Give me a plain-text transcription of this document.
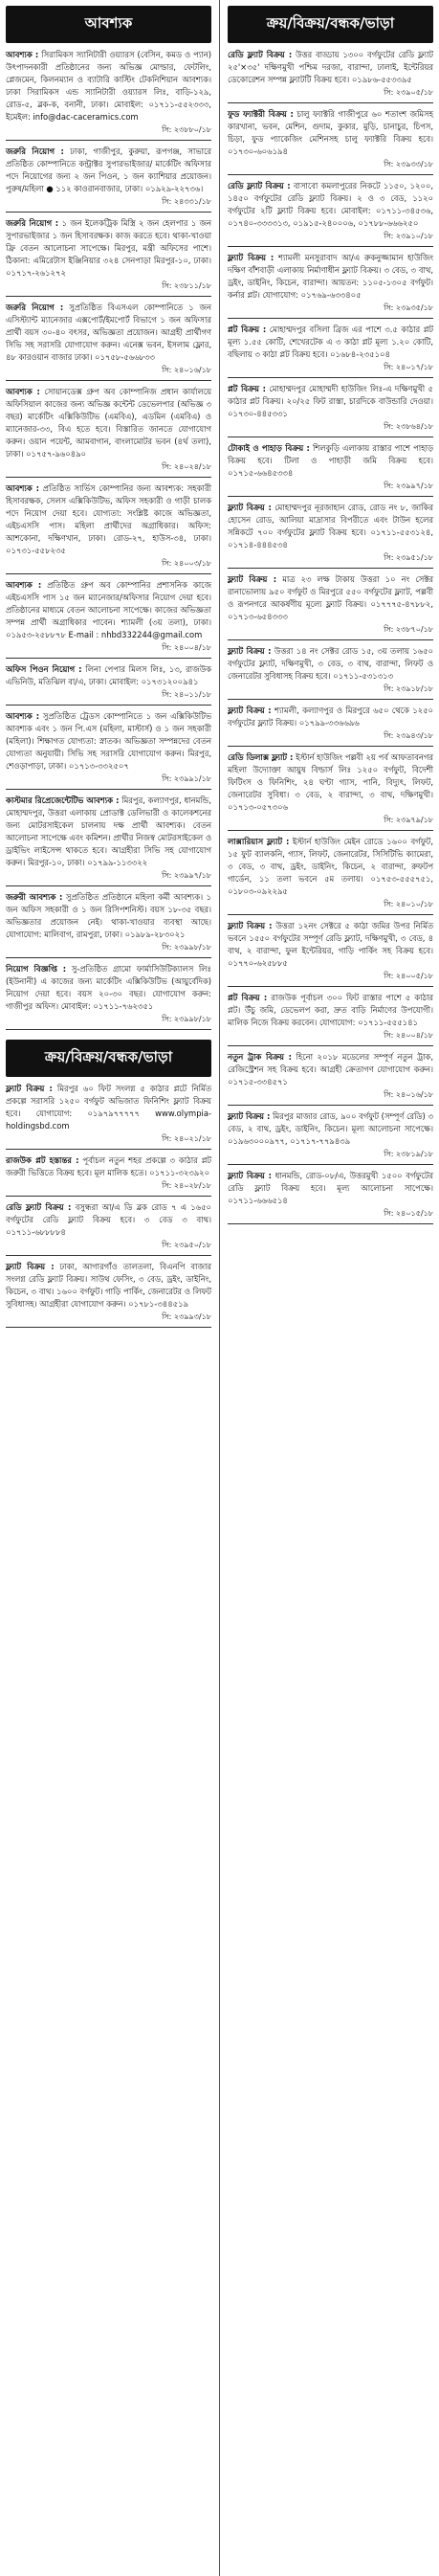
আবশ্যক
আবশ্যক : সিরামিকস স্যানিটারী ওয়্যারস (বেসিন, কমড ও প্যান) উৎপাদনকারী প্রতিষ্ঠানের জন্য অভিজ্ঞ মোল্ডার, ফেটলিং, প্লেজমেন, কিলনম্যান ও ব্যাটারি কাস্টিং টেকনিশিয়ান আবশ্যক। ঢাকা সিরামিকস এন্ড স্যানিটারী ওয়্যারস লিঃ, বাড়ি-১২৯, রোড-৫, ব্লক-ক, বনানী, ঢাকা। মোবাইল: ০১৭১১-৫৫২৩৩৩, ইমেইল: info@dac-caceramics.com
সি: ২৩৮৮০/১৮
জরুরি নিয়োগ : ঢাকা, গাজীপুর, কুরুয়া, রূপগঞ্জ, সাভারে প্রতিষ্ঠিত কোম্পানিতে কন্ট্রাক্টর সুপারভাইজার/ মার্কেটিং অফিসার পদে নিয়োগের জন্য ২ জন পিওন, ১ জন ক্যাশিয়ার প্রয়োজন। পুরুষ/মহিলা ● ১১২ কাওরানবাজার, ঢাকা। ০১৯২৯-২২৭৩৬।
সি: ২৪৩৩১/১৮
জরুরি নিয়োগ : ১ জন ইলেকট্রিক মিস্ত্রি ২ জন হেলপার ১ জন সুপারভাইজার ১ জন হিসাবরক্ষক। কাজ করতে হবে। থাকা-খাওয়া ফ্রি বেতন আলোচনা সাপেক্ষে। মিরপুর, মন্ত্রী অফিসের পাশে। ঠিকানা: এমিরেটাস ইঞ্জিনিয়ার ৩২৪ সেনপাড়া মিরপুর-১০, ঢাকা। ০১৭১৭-২৬১২৭২
সি: ২৩৮১১/১৮
জরুরি নিয়োগ : সুপ্রতিষ্ঠিত বিএসএল কোম্পানিতে ১ জন এসিস্ট্যান্ট ম্যানেজার এক্সপোর্ট/ইমপোর্ট বিভাগে ১ জন অফিসার প্রার্থী বয়স ৩০-৪০ বৎসর, অভিজ্ঞতা প্রয়োজন। আগ্রহী প্রার্থীগণ সিভি সহ সরাসরি যোগাযোগ করুন। এনেক্স ভবন, ইসলাম ফ্লোর, ৪৮ কারওয়ান বাজার ঢাকা। ০১৭৫৮-৫৬৬৮৩৩
সি: ২৪০১৬/১৮
আবশ্যক : সোয়ানডেক্স গ্রুপ অব কোম্পানিজ প্রধান কার্যালয়ে অফিসিয়াল কাজের জন্য অভিজ্ঞ কন্টেন্ট ডেভেলপার (অভিজ্ঞ ৩ বছর) মার্কেটিং এক্সিকিউটিভ (এমবিএ), এডমিন (এমবিএ) ও ম্যানেজার-৩৩, বিএ হতে হবে। বিস্তারিত জানতে যোগাযোগ করুন। ওয়ান পয়েন্ট, আমবাগান, বাংলামোটর ভবন (৪র্থ তলা), ঢাকা। ০১৭৫৭-৯৬০৪৯০
সি: ২৪০২৪/১৮
আবশ্যক : প্রতিষ্ঠিত সার্ভিস কোম্পানির জন্য আবশ্যক: সহকারী হিসাবরক্ষক, সেলস এক্সিকিউটিভ, অফিস সহকারী ও গাড়ী চালক পদে নিয়োগ দেয়া হবে। যোগ্যতা: সংশ্লিষ্ট কাজে অভিজ্ঞতা, এইচএসসি পাস। মহিলা প্রার্থীদের অগ্রাধিকার। অফিস: আশকোনা, দক্ষিণখান, ঢাকা। রোড-২৭, হাউস-৩৪, ঢাকা। ০১৭৩১-৫৫৮২৩৫
সি: ২৪০০৩/১৮
আবশ্যক : প্রতিষ্ঠিত গ্রুপ অব কোম্পানির প্রশাসনিক কাজে এইচএসসি পাস ১৫ জন ম্যানেজার/অফিসার নিয়োগ দেয়া হবে। প্রতিষ্ঠানের মাধ্যমে বেতন আলোচনা সাপেক্ষে। কাজের অভিজ্ঞতা সম্পন্ন প্রার্থী অগ্রাধিকার পাবেন। শ্যামলী (৩য় তলা), ঢাকা। ০১৯৫৩-২৫৮৮৭৮ E-mail : nhbd332244@gmail.com
সি: ২৪০০৪/১৮
অফিস পিওন নিয়োগ : লিনা পেপার মিলস লিঃ, ১৩, রাজউক এভিনিউ, মতিঝিল বা/এ, ঢাকা। মোবাইল: ০১৭৩১২০০৯৪১
সি: ২৪০১১/১৮
আবশ্যক : সুপ্রতিষ্ঠিত ট্রেডস কোম্পানিতে ১ জন এক্সিকিউটিভ আবশ্যক এবং ১ জন পি.এস (মহিলা, মাস্টার্স) ও ১ জন সহকারী (মহিলা)। শিক্ষাগত যোগ্যতা: স্নাতক। অভিজ্ঞতা সম্পন্নদের বেতন যোগ্যতা অনুযায়ী। সিভি সহ সরাসরি যোগাযোগ করুন। মিরপুর, শেওড়াপাড়া, ঢাকা। ০১৭১৩-৩৩২৫০৭
সি: ২৩৯৯১/১৮
কাস্টমার রিপ্রেজেন্টেটিভ আবশ্যক : মিরপুর, কল্যাণপুর, ধানমন্ডি, মোহাম্মদপুর, উত্তরা এলাকায় প্রোডাক্ট ডেলিভারী ও কালেকশনের জন্য মোটরসাইকেল চালনায় দক্ষ প্রার্থী আবশ্যক। বেতন আলোচনা সাপেক্ষে এবং কমিশন। প্রার্থীর নিজস্ব মোটরসাইকেল ও ড্রাইভিং লাইসেন্স থাকতে হবে। আগ্রহীরা সিভি সহ যোগাযোগ করুন। মিরপুর-১০, ঢাকা। ০১৭৯৯-১১৩৩২২
সি: ২৩৯৯৭/১৮
জরুরী আবশ্যক : সুপ্রতিষ্ঠিত প্রতিষ্ঠানে মহিলা কর্মী আবশ্যক। ১ জন অফিস সহকারী ও ১ জন রিসিপশনিস্ট। বয়স ১৮-৩৫ বছর। অভিজ্ঞতার প্রয়োজন নেই। থাকা-খাওয়ার ব্যবস্থা আছে। যোগাযোগ: মালিবাগ, রামপুরা, ঢাকা। ০১৯৮৯-২৮৩০২১
সি: ২৩৯৯৮/১৮
নিয়োগ বিজ্ঞপ্তি : সু-প্রতিষ্ঠিত গ্রামো ফার্মাসিউটিক্যালস লিঃ (ইউনানী) এ কাজের জন্য মার্কেটিং এক্সিকিউটিভ (আয়ুর্বেদিক) নিয়োগ দেয়া হবে। বয়স ২০-৩০ বছর। যোগাযোগ করুন: গাজীপুর অফিস। মোবাইল: ০১৭১১-৭৬২৩৫১
সি: ২৩৯৯৮/১৮
ক্রয়/বিক্রয়/বন্ধক/ভাড়া
ফ্ল্যাট বিক্রয় : মিরপুর ৬০ ফিট সংলগ্ন ৫ কাঠার প্লটে নির্মিত প্রকল্পে সরাসরি ১২৫০ বর্গফুট অভিজাত ফিনিশিং ফ্ল্যাট বিক্রয় হবে। যোগাযোগ: ০১৯৭৯৭৭৭৭৭ www.olympia-holdingsbd.com
সি: ২৪০২১/১৮
রাজউক প্লট হস্তান্তর : পূর্বাচল নতুন শহর প্রকল্পে ৩ কাঠার প্লট জরুরী ভিত্তিতে বিক্রয় হবে। মূল মালিক হতে। ০১৭১১-৩২৩৯২০
সি: ২৪০২৮/১৮
রেডি ফ্ল্যাট বিক্রয় : বসুন্ধরা আ/এ ডি ব্লক রোড ৭ এ ১৬৫০ বর্গফুটের রেডি ফ্ল্যাট বিক্রয় হবে। ৩ বেড ৩ বাথ। ০১৭১১-৬৮৮৮৮৪
সি: ২৩৯৫০/১৮
ফ্ল্যাট বিক্রয় : ঢাকা, আগারগাঁও তালতলা, বিএনপি বাজার সংলগ্ন রেডি ফ্ল্যাট বিক্রয়। সাউথ ফেসিং, ৩ বেড, ড্রইং, ডাইনিং, কিচেন, ৩ বাথ। ১৬০০ বর্গফুট। গাড়ি পার্কিং, জেনারেটর ও লিফট সুবিধাসহ। আগ্রহীরা যোগাযোগ করুন। ০১৭৮১-৩৪৪৫১৯
সি: ২৩৯৯৩/১৮
ক্রয়/বিক্রয়/বন্ধক/ভাড়া
রেডি ফ্ল্যাট বিক্রয় : উত্তর বাড্ডায় ১৩০০ বর্গফুটের রেডি ফ্ল্যাট ২৫'×৩৫' দক্ষিণমুখী পশ্চিম দরজা, বারান্দা, ঢালাই, ইন্টেরিয়র ডেকোরেশন সম্পন্ন ফ্ল্যাটটি বিক্রয় হবে। ০১৯৮৬-৫৫৩৩৯৫
সি: ২৩৯০৫/১৮
ফুড ফ্যাক্টরী বিক্রয় : চালু ফ্যাক্টরি গাজীপুরে ৬০ শতাংশ জমিসহ কারখানা, ভবন, মেশিন, গুদাম, কুকার, মুড়ি, চানাচুর, চিপস, চিড়া, ফুড প্যাকেজিং মেশিনসহ চালু ফ্যাক্টরি বিক্রয় হবে। ০১৭৩০-৬০৬১৯৪
সি: ২৩৯৩৩/১৮
রেডি ফ্ল্যাট বিক্রয় : বাসাবো কমলাপুরের নিকটে ১১৫০, ১২০০, ১৪৫০ বর্গফুটের রেডি ফ্ল্যাট বিক্রয়। ২ ও ৩ বেড, ১১২০ বর্গফুটের ২টি ফ্ল্যাট বিক্রয় হবে। মোবাইল: ০১৭১১-৩৪৫৩৬, ০১৭৪০-৩৩৩৩১৩, ০১৯১৫-২৪০০০৬, ০১৭৮৮-৬৬৬২৫০
সি: ২৩৯১০/১৮
ফ্ল্যাট বিক্রয় : শ্যামলী মনসুরাবাদ আ/এ রুকনুজ্জামান হাউজিং দক্ষিণ বাঁশবাড়ী এলাকায় নির্মাণাধীন ফ্ল্যাট বিক্রয়। ৩ বেড, ৩ বাথ, ড্রইং, ডাইনিং, কিচেন, বারান্দা। আয়তন: ১১০৫-১৩০৫ বর্গফুট। কর্নার প্লট। যোগাযোগ: ০১৭৬৯-৬৩৩৪০৫
সি: ২৩৯৩৫/১৮
প্লট বিক্রয় : মোহাম্মদপুর বসিলা ব্রিজ এর পাশে ৩.৫ কাঠার প্লট মূল্য ১.৫৫ কোটি, শেখেরটেক এ ৩ কাঠা প্লট মূল্য ১.২০ কোটি, বছিলায় ৩ কাঠা প্লট বিক্রয় হবে। ০১৬৮৪-২৩৫১০৪
সি: ২৪০১৭/১৮
প্লট বিক্রয় : মোহাম্মদপুর মোহাম্মদী হাউজিং লিঃ-এ দক্ষিণমুখী ৫ কাঠার প্লট বিক্রয়। ২০/২৫ ফিট রাস্তা, চারদিকে বাউন্ডারি দেওয়া। ০১৭৩০-৪৪৫৩৩১
সি: ২৩৮৬৪/১৮
টোকাই ও পাহাড় বিক্রয় : শিলকুড়ি এলাকায় রাস্তার পাশে পাহাড় বিক্রয় হবে। টিলা ও পাহাড়ী জমি বিক্রয় হবে। ০১৭১৫-৬৬৪৫৩৩৪
সি: ২৩৯৯৭/১৮
ফ্ল্যাট বিক্রয় : মোহাম্মদপুর নূরজাহান রোড, রোড নং ৮, জাকির হোসেন রোড, আলিয়া মাদ্রাসার বিপরীতে এবং টাউন হলের সন্নিকটে ৭০০ বর্গফুটের ফ্ল্যাট বিক্রয় হবে। ০১৭১১-৫৫৩১২৪, ০১৭১৪-৪৪৪৫৩৪
সি: ২৩৯৫১/১৮
ফ্ল্যাট বিক্রয় : মাত্র ২৩ লক্ষ টাকায় উত্তরা ১০ নং সেক্টর রানাভোলায় ৯৫০ বর্গফুট ও মিরপুরে ৫৫০ বর্গফুটের ফ্ল্যাট, পল্লবী ও রূপনগরে আকর্ষণীয় মূল্যে ফ্ল্যাট বিক্রয়। ০১৭৭৭৫-৪৭৮৮২, ০১৭১৩-৬৫৪৩৩৩
সি: ২৩৮৭০/১৮
ফ্ল্যাট বিক্রয় : উত্তরা ১৪ নং সেক্টর রোড ১৫, ৩য় তলায় ১৬৫০ বর্গফুটের ফ্ল্যাট, দক্ষিণমুখী, ৩ বেড, ৩ বাথ, বারান্দা, লিফট ও জেনারেটর সুবিধাসহ বিক্রয় হবে। ০১৭১১-৫৩১৩১৩
সি: ২৩৯১৮/১৮
ফ্ল্যাট বিক্রয় : শ্যামলী, কল্যাণপুর ও মিরপুরে ৬৫০ থেকে ১২৫০ বর্গফুটের ফ্ল্যাট বিক্রয়। ০১৭৯৯-৩৩৬৬৯৬
সি: ২৩৯৪৩/১৮
রেডি ডিলাক্স ফ্ল্যাট : ইস্টার্ন হাউজিং পল্লবী ২য় পর্ব আফতাবনগর মহিলা উদ্যোক্তা আয়ুষ বিল্ডার্স লিঃ ১২৫০ বর্গফুট, বিদেশী ফিটিংস ও ফিনিশিং, ২৪ ঘণ্টা গ্যাস, পানি, বিদ্যুৎ, লিফট, জেনারেটর সুবিধা। ৩ বেড, ২ বারান্দা, ৩ বাথ, দক্ষিণমুখী। ০১৭১৩-০৫৭৩০৬
সি: ২৩৯৭৯/১৮
লাক্সারিয়াস ফ্ল্যাট : ইস্টার্ন হাউজিং মেইন রোডে ১৬০০ বর্গফুট, ১৫ ফুট ব্যালকনি, গ্যাস, লিফট, জেনারেটর, সিসিটিভি ক্যামেরা, ৩ বেড, ৩ বাথ, ড্রইং, ডাইনিং, কিচেন, ২ বারান্দা, রুফটপ গার্ডেন, ১১ তলা ভবনে ৫ম তলায়। ০১৭৫৩-৫৫৫৭৫১, ০১৮০৩-০৯২২৯৫
সি: ২৪০১০/১৮
ফ্ল্যাট বিক্রয় : উত্তরা ১২নং সেক্টরে ৫ কাঠা জমির উপর নির্মিত ভবনে ১৫৫০ বর্গফুটের সম্পূর্ণ রেডি ফ্ল্যাট, দক্ষিণমুখী, ৩ বেড, ৪ বাথ, ২ বারান্দা, ফুল ইন্টেরিয়র, গাড়ি পার্কিং সহ বিক্রয় হবে। ০১৭৭০-৬২৫৮৮৫
সি: ২৪০০৫/১৮
প্লট বিক্রয় : রাজউক পূর্বাচল ৩০০ ফিট রাস্তার পাশে ৫ কাঠার প্লট। উঁচু জমি, ডেভেলপ করা, দ্রুত বাড়ি নির্মাণের উপযোগী। মালিক নিজে বিক্রয় করবেন। যোগাযোগ: ০১৭১১-৫৫৫১৪১
সি: ২৪০০৪/১৮
নতুন ট্রাক বিক্রয় : হিনো ২০১৮ মডেলের সম্পূর্ণ নতুন ট্রাক, রেজিস্ট্রেশন সহ বিক্রয় হবে। আগ্রহী ক্রেতাগণ যোগাযোগ করুন। ০১৭১৫-৩৩৪৫৭১
সি: ২৪০১৬/১৮
ফ্ল্যাট বিক্রয় : মিরপুর মাজার রোড, ৯০০ বর্গফুট (সম্পূর্ণ রেডি) ৩ বেড, ২ বাথ, ড্রইং, ডাইনিং, কিচেন। মূল্য আলোচনা সাপেক্ষে। ০১৯৬৩০০০৯৭৭, ০১৭১৭-৭৭৯৪৩৯
সি: ২৩৮১৯/১৮
ফ্ল্যাট বিক্রয় : ধানমন্ডি, রোড-০৮/এ, উত্তরমুখী ১৫০০ বর্গফুটের রেডি ফ্ল্যাট বিক্রয় হবে। মূল্য আলোচনা সাপেক্ষে। ০১৭১১-৬৬৬৫১৪
সি: ২৪০১৫/১৮
